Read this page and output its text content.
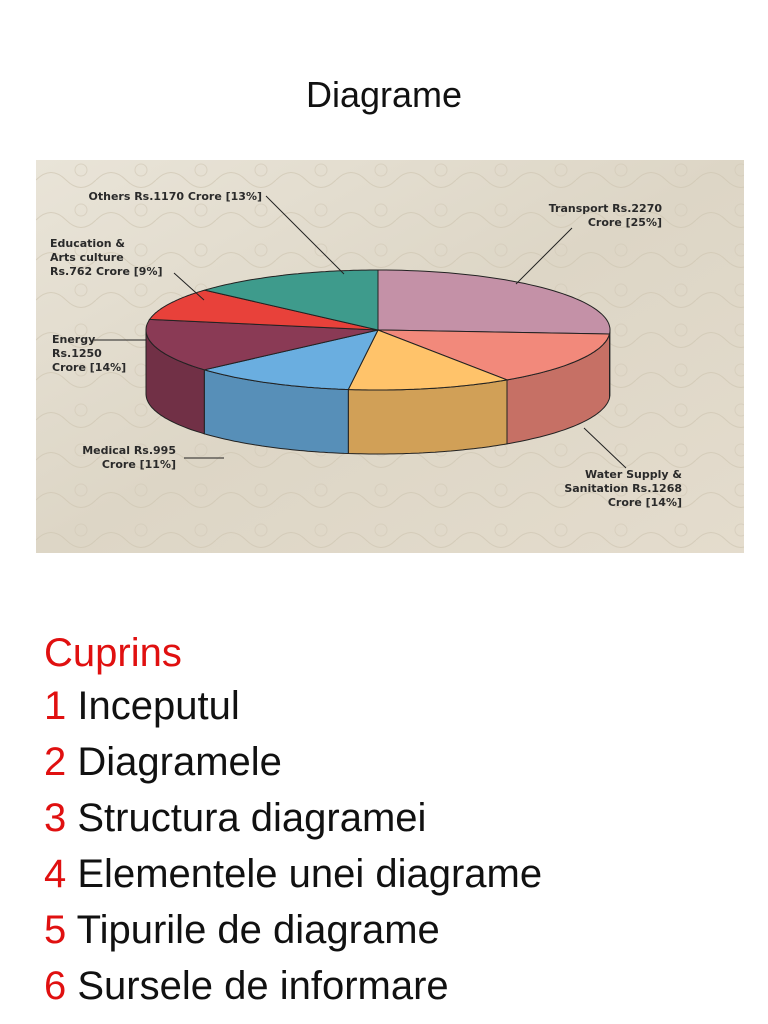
Diagrame
Transport Rs.2270
Crore [25%]
Water Supply &
Sanitation Rs.1268
Crore [14%]
Medical Rs.995
Crore [11%]
Energy
Rs.1250
Crore [14%]
Education &
Arts culture
Rs.762 Crore [9%]
Others Rs.1170 Crore [13%]
Cuprins
1 Inceputul
2 Diagramele
3 Structura diagramei
4 Elementele unei diagrame
5 Tipurile de diagrame
6 Sursele de informare
